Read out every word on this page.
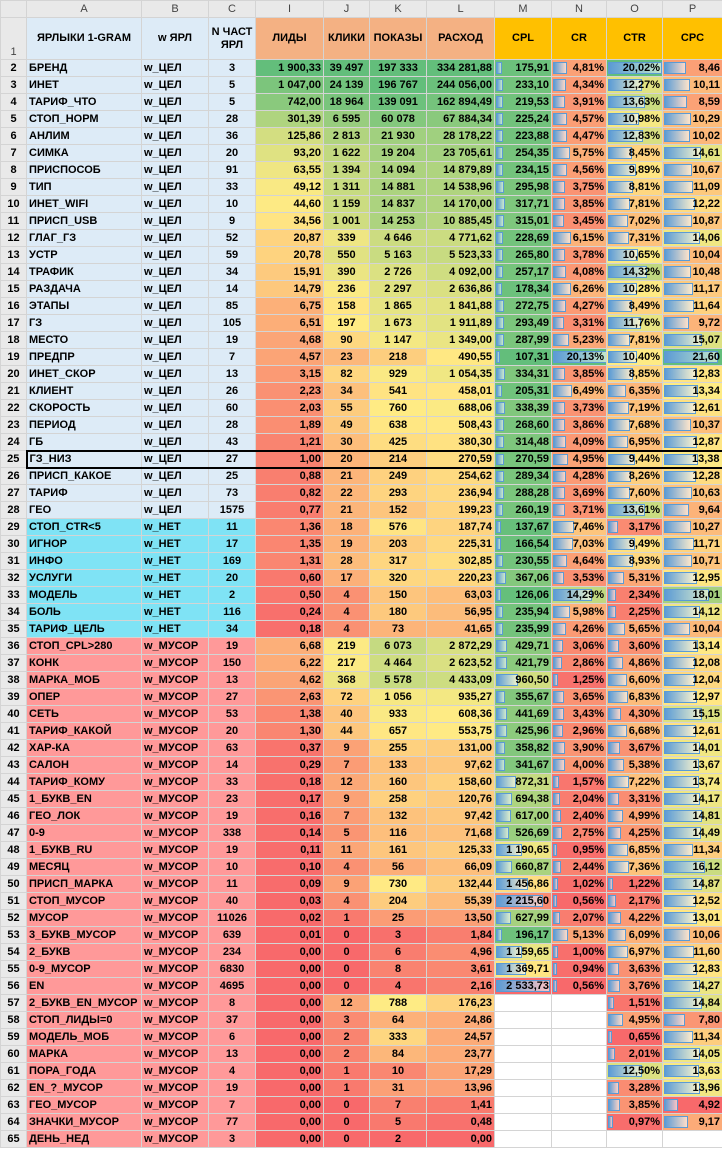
	A	B	C	I	J	K	L	M	N	O	P
1	ЯРЛЫКИ 1-GRAM	w ЯРЛ	N ЧАСТ ЯРЛ	ЛИДЫ	КЛИКИ	ПОКАЗЫ	РАСХОД	CPL	CR	CTR	CPC
2	БРЕНД	w_ЦЕЛ	3	1 900,33	39 497	197 333	334 281,88	175,91	4,81%	20,02%	8,46
3	ИНЕТ	w_ЦЕЛ	5	1 047,00	24 139	196 767	244 056,00	233,10	4,34%	12,27%	10,11
4	ТАРИФ_ЧТО	w_ЦЕЛ	5	742,00	18 964	139 091	162 894,49	219,53	3,91%	13,63%	8,59
5	СТОП_НОРМ	w_ЦЕЛ	28	301,39	6 595	60 078	67 884,34	225,24	4,57%	10,98%	10,29
6	АНЛИМ	w_ЦЕЛ	36	125,86	2 813	21 930	28 178,22	223,88	4,47%	12,83%	10,02
7	СИМКА	w_ЦЕЛ	20	93,20	1 622	19 204	23 705,61	254,35	5,75%	8,45%	14,61
8	ПРИСПОСОБ	w_ЦЕЛ	91	63,55	1 394	14 094	14 879,89	234,15	4,56%	9,89%	10,67
9	ТИП	w_ЦЕЛ	33	49,12	1 311	14 881	14 538,96	295,98	3,75%	8,81%	11,09
10	ИНЕТ_WIFI	w_ЦЕЛ	10	44,60	1 159	14 837	14 170,00	317,71	3,85%	7,81%	12,22
11	ПРИСП_USB	w_ЦЕЛ	9	34,56	1 001	14 253	10 885,45	315,01	3,45%	7,02%	10,87
12	ГЛАГ_ГЗ	w_ЦЕЛ	52	20,87	339	4 646	4 771,62	228,69	6,15%	7,31%	14,06
13	УСТР	w_ЦЕЛ	59	20,78	550	5 163	5 523,33	265,80	3,78%	10,65%	10,04
14	ТРАФИК	w_ЦЕЛ	34	15,91	390	2 726	4 092,00	257,17	4,08%	14,32%	10,48
15	РАЗДАЧА	w_ЦЕЛ	14	14,79	236	2 297	2 636,86	178,34	6,26%	10,28%	11,17
16	ЭТАПЫ	w_ЦЕЛ	85	6,75	158	1 865	1 841,88	272,75	4,27%	8,49%	11,64
17	ГЗ	w_ЦЕЛ	105	6,51	197	1 673	1 911,89	293,49	3,31%	11,76%	9,72
18	МЕСТО	w_ЦЕЛ	19	4,68	90	1 147	1 349,00	287,99	5,23%	7,81%	15,07
19	ПРЕДПР	w_ЦЕЛ	7	4,57	23	218	490,55	107,31	20,13%	10,40%	21,60
20	ИНЕТ_СКОР	w_ЦЕЛ	13	3,15	82	929	1 054,35	334,31	3,85%	8,85%	12,83
21	КЛИЕНТ	w_ЦЕЛ	26	2,23	34	541	458,01	205,31	6,49%	6,35%	13,34
22	СКОРОСТЬ	w_ЦЕЛ	60	2,03	55	760	688,06	338,39	3,73%	7,19%	12,61
23	ПЕРИОД	w_ЦЕЛ	28	1,89	49	638	508,43	268,60	3,86%	7,68%	10,37
24	ГБ	w_ЦЕЛ	43	1,21	30	425	380,30	314,48	4,09%	6,95%	12,87
25	ГЗ_НИЗ	w_ЦЕЛ	27	1,00	20	214	270,59	270,59	4,95%	9,44%	13,38
26	ПРИСП_КАКОЕ	w_ЦЕЛ	25	0,88	21	249	254,62	289,34	4,28%	8,26%	12,28
27	ТАРИФ	w_ЦЕЛ	73	0,82	22	293	236,94	288,28	3,69%	7,60%	10,63
28	ГЕО	w_ЦЕЛ	1575	0,77	21	152	199,23	260,19	3,71%	13,61%	9,64
29	СТОП_CTR<5	w_НЕТ	11	1,36	18	576	187,74	137,67	7,46%	3,17%	10,27
30	ИГНОР	w_НЕТ	17	1,35	19	203	225,31	166,54	7,03%	9,49%	11,71
31	ИНФО	w_НЕТ	169	1,31	28	317	302,85	230,55	4,64%	8,93%	10,71
32	УСЛУГИ	w_НЕТ	20	0,60	17	320	220,23	367,06	3,53%	5,31%	12,95
33	МОДЕЛЬ	w_НЕТ	2	0,50	4	150	63,03	126,06	14,29%	2,34%	18,01
34	БОЛЬ	w_НЕТ	116	0,24	4	180	56,95	235,94	5,98%	2,25%	14,12
35	ТАРИФ_ЦЕЛЬ	w_НЕТ	34	0,18	4	73	41,65	235,99	4,26%	5,65%	10,04
36	СТОП_CPL>280	w_МУСОР	19	6,68	219	6 073	2 872,29	429,71	3,06%	3,60%	13,14
37	КОНК	w_МУСОР	150	6,22	217	4 464	2 623,52	421,79	2,86%	4,86%	12,08
38	МАРКА_МОБ	w_МУСОР	13	4,62	368	5 578	4 433,09	960,50	1,25%	6,60%	12,04
39	ОПЕР	w_МУСОР	27	2,63	72	1 056	935,27	355,67	3,65%	6,83%	12,97
40	СЕТЬ	w_МУСОР	53	1,38	40	933	608,36	441,69	3,43%	4,30%	15,15
41	ТАРИФ_КАКОЙ	w_МУСОР	20	1,30	44	657	553,75	425,96	2,96%	6,68%	12,61
42	ХАР-КА	w_МУСОР	63	0,37	9	255	131,00	358,82	3,90%	3,67%	14,01
43	САЛОН	w_МУСОР	14	0,29	7	133	97,62	341,67	4,00%	5,38%	13,67
44	ТАРИФ_КОМУ	w_МУСОР	33	0,18	12	160	158,60	872,31	1,57%	7,22%	13,74
45	1_БУКВ_EN	w_МУСОР	23	0,17	9	258	120,76	694,38	2,04%	3,31%	14,17
46	ГЕО_ЛОК	w_МУСОР	19	0,16	7	132	97,42	617,00	2,40%	4,99%	14,81
47	0-9	w_МУСОР	338	0,14	5	116	71,68	526,69	2,75%	4,25%	14,49
48	1_БУКВ_RU	w_МУСОР	19	0,11	11	161	125,33	1 190,65	0,95%	6,85%	11,34
49	МЕСЯЦ	w_МУСОР	10	0,10	4	56	66,09	660,87	2,44%	7,36%	16,12
50	ПРИСП_МАРКА	w_МУСОР	11	0,09	9	730	132,44	1 456,86	1,02%	1,22%	14,87
51	СТОП_МУСОР	w_МУСОР	40	0,03	4	204	55,39	2 215,60	0,56%	2,17%	12,52
52	МУСОР	w_МУСОР	11026	0,02	1	25	13,50	627,99	2,07%	4,22%	13,01
53	3_БУКВ_МУСОР	w_МУСОР	639	0,01	0	3	1,84	196,17	5,13%	6,09%	10,06
54	2_БУКВ	w_МУСОР	234	0,00	0	6	4,96	1 159,65	1,00%	6,97%	11,60
55	0-9_МУСОР	w_МУСОР	6830	0,00	0	8	3,61	1 369,71	0,94%	3,63%	12,83
56	EN	w_МУСОР	4695	0,00	0	4	2,16	2 533,73	0,56%	3,76%	14,27
57	2_БУКВ_EN_МУСОР	w_МУСОР	8	0,00	12	788	176,23			1,51%	14,84
58	СТОП_ЛИДЫ=0	w_МУСОР	37	0,00	3	64	24,86			4,95%	7,80
59	МОДЕЛЬ_МОБ	w_МУСОР	6	0,00	2	333	24,57			0,65%	11,34
60	МАРКА	w_МУСОР	13	0,00	2	84	23,77			2,01%	14,05
61	ПОРА_ГОДА	w_МУСОР	4	0,00	1	10	17,29			12,50%	13,63
62	EN_?_МУСОР	w_МУСОР	19	0,00	1	31	13,96			3,28%	13,96
63	ГЕО_МУСОР	w_МУСОР	7	0,00	0	7	1,41			3,85%	4,92
64	ЗНАЧКИ_МУСОР	w_МУСОР	77	0,00	0	5	0,48			0,97%	9,17
65	ДЕНЬ_НЕД	w_МУСОР	3	0,00	0	2	0,00				
